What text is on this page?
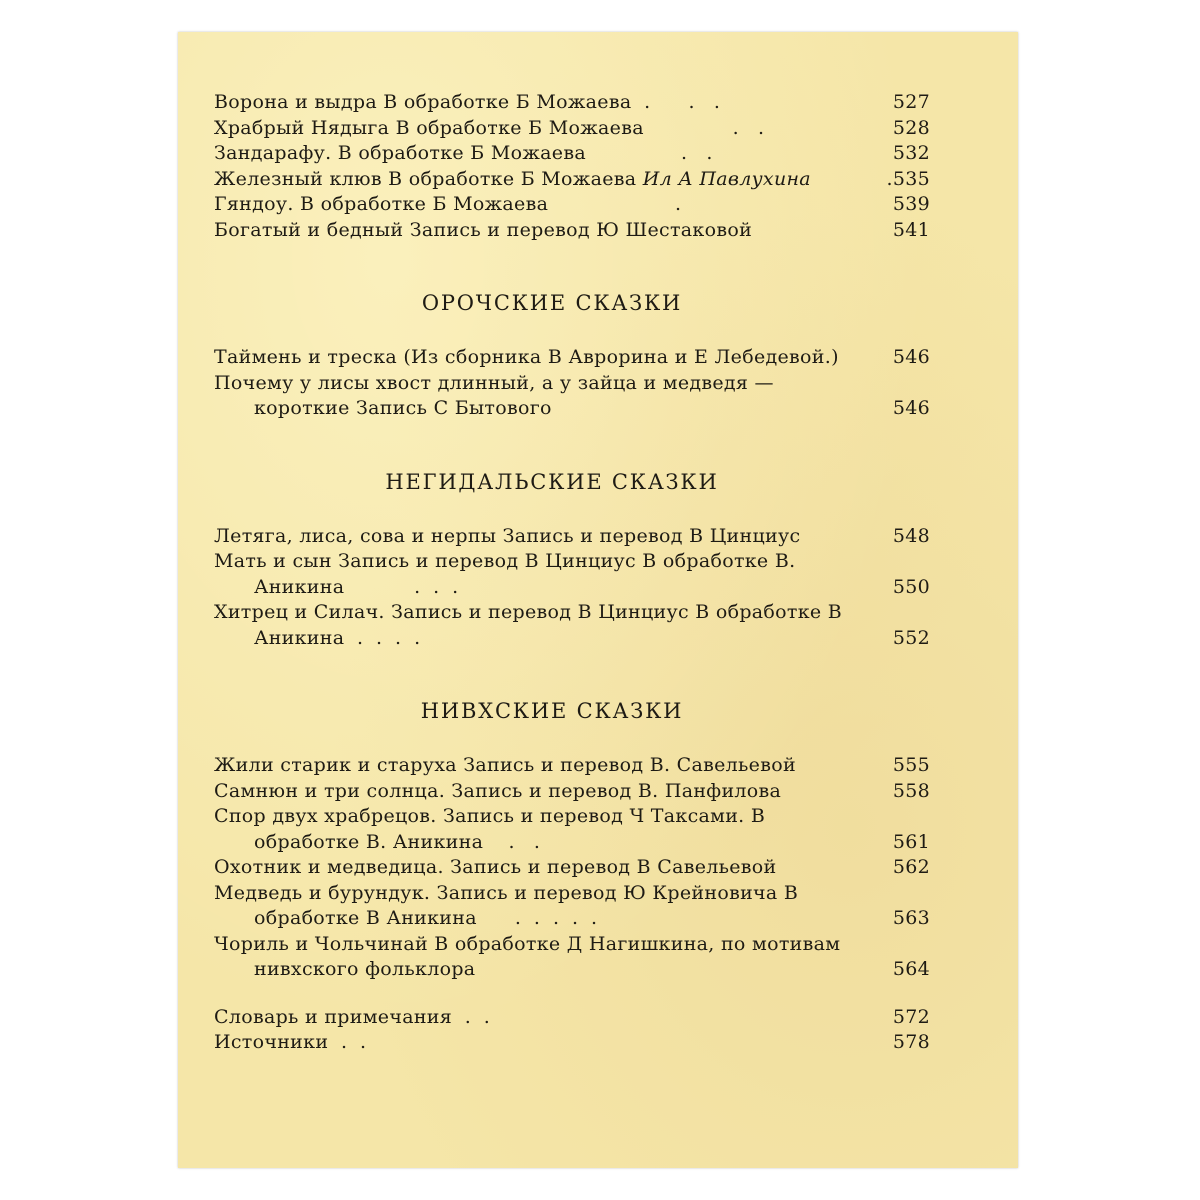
Ворона и выдра В обработке Б Можаева  .      .   .	527
Храбрый Нядыга В обработке Б Можаева              .   .	528
Зандарафу. В обработке Б Можаева               .   .	532
Железный клюв В обработке Б Можаева Ил А Павлухина	.535
Гяндоу. В обработке Б Можаева                    .	539
Богатый и бедный Запись и перевод Ю Шестаковой	541
ОРОЧСКИЕ СКАЗКИ
Таймень и треска (Из сборника В Аврорина и Е Лебедевой.)	546
Почему у лисы хвост длинный, а у зайца и медведя — короткие Запись С Бытового	546
НЕГИДАЛЬСКИЕ СКАЗКИ
Летяга, лиса, сова и нерпы Запись и перевод В Цинциус	548
Мать и сын Запись и перевод В Цинциус В обработке В. Аникина           .  .  .	550
Хитрец и Силач. Запись и перевод В Цинциус В обработке В Аникина  .  .  .  .	552
НИВХСКИЕ СКАЗКИ
Жили старик и старуха Запись и перевод В. Савельевой	555
Самнюн и три солнца. Запись и перевод В. Панфилова	558
Спор двух храбрецов. Запись и перевод Ч Таксами. В обработке В. Аникина    .   .	561
Охотник и медведица. Запись и перевод В Савельевой	562
Медведь и бурундук. Запись и перевод Ю Крейновича В обработке В Аникина      .  .  .  .  .	563
Чориль и Чольчинай В обработке Д Нагишкина, по мотивам нивхского фольклора	564
Словарь и примечания  .  .	572
Источники  .  .	578
